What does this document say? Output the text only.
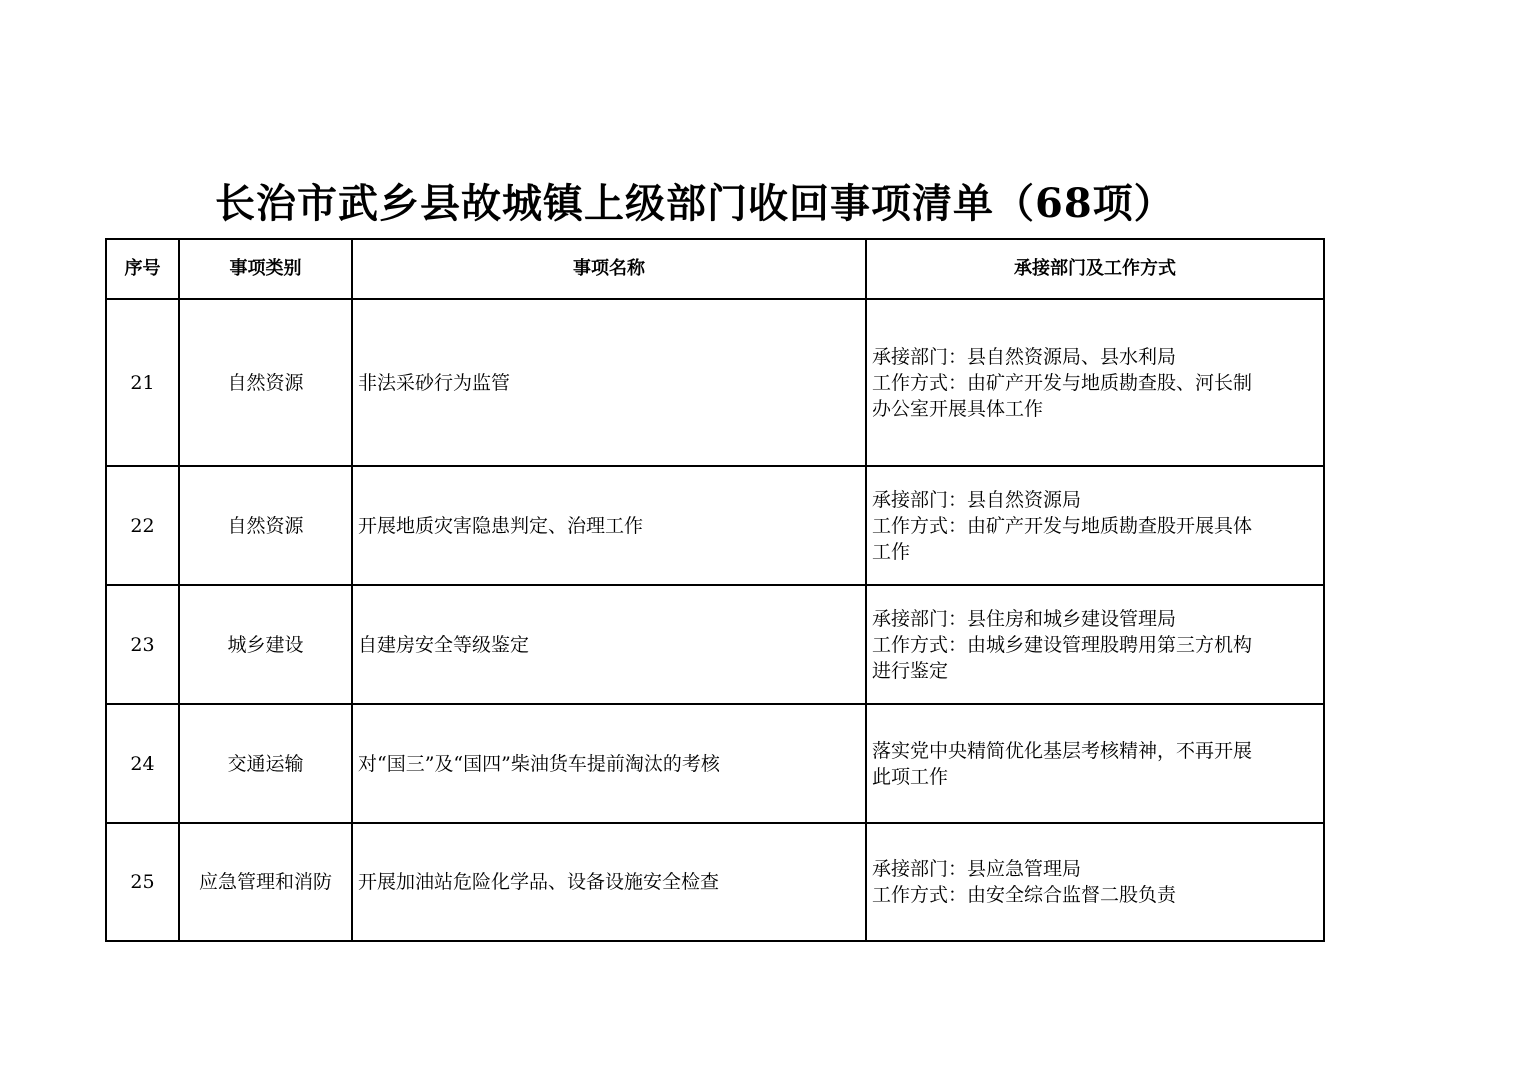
长治市武乡县故城镇上级部门收回事项清单（68项）
序号	事项类别	事项名称	承接部门及工作方式
21	自然资源	非法采砂行为监管	承接部门：县自然资源局、县水利局
工作方式：由矿产开发与地质勘查股、河长制
办公室开展具体工作

22	自然资源	开展地质灾害隐患判定、治理工作	承接部门：县自然资源局
工作方式：由矿产开发与地质勘查股开展具体
工作

23	城乡建设	自建房安全等级鉴定	承接部门：县住房和城乡建设管理局
工作方式：由城乡建设管理股聘用第三方机构
进行鉴定

24	交通运输	对“国三”及“国四”柴油货车提前淘汰的考核	落实党中央精简优化基层考核精神，不再开展
此项工作

25	应急管理和消防	开展加油站危险化学品、设备设施安全检查	承接部门：县应急管理局
工作方式：由安全综合监督二股负责
